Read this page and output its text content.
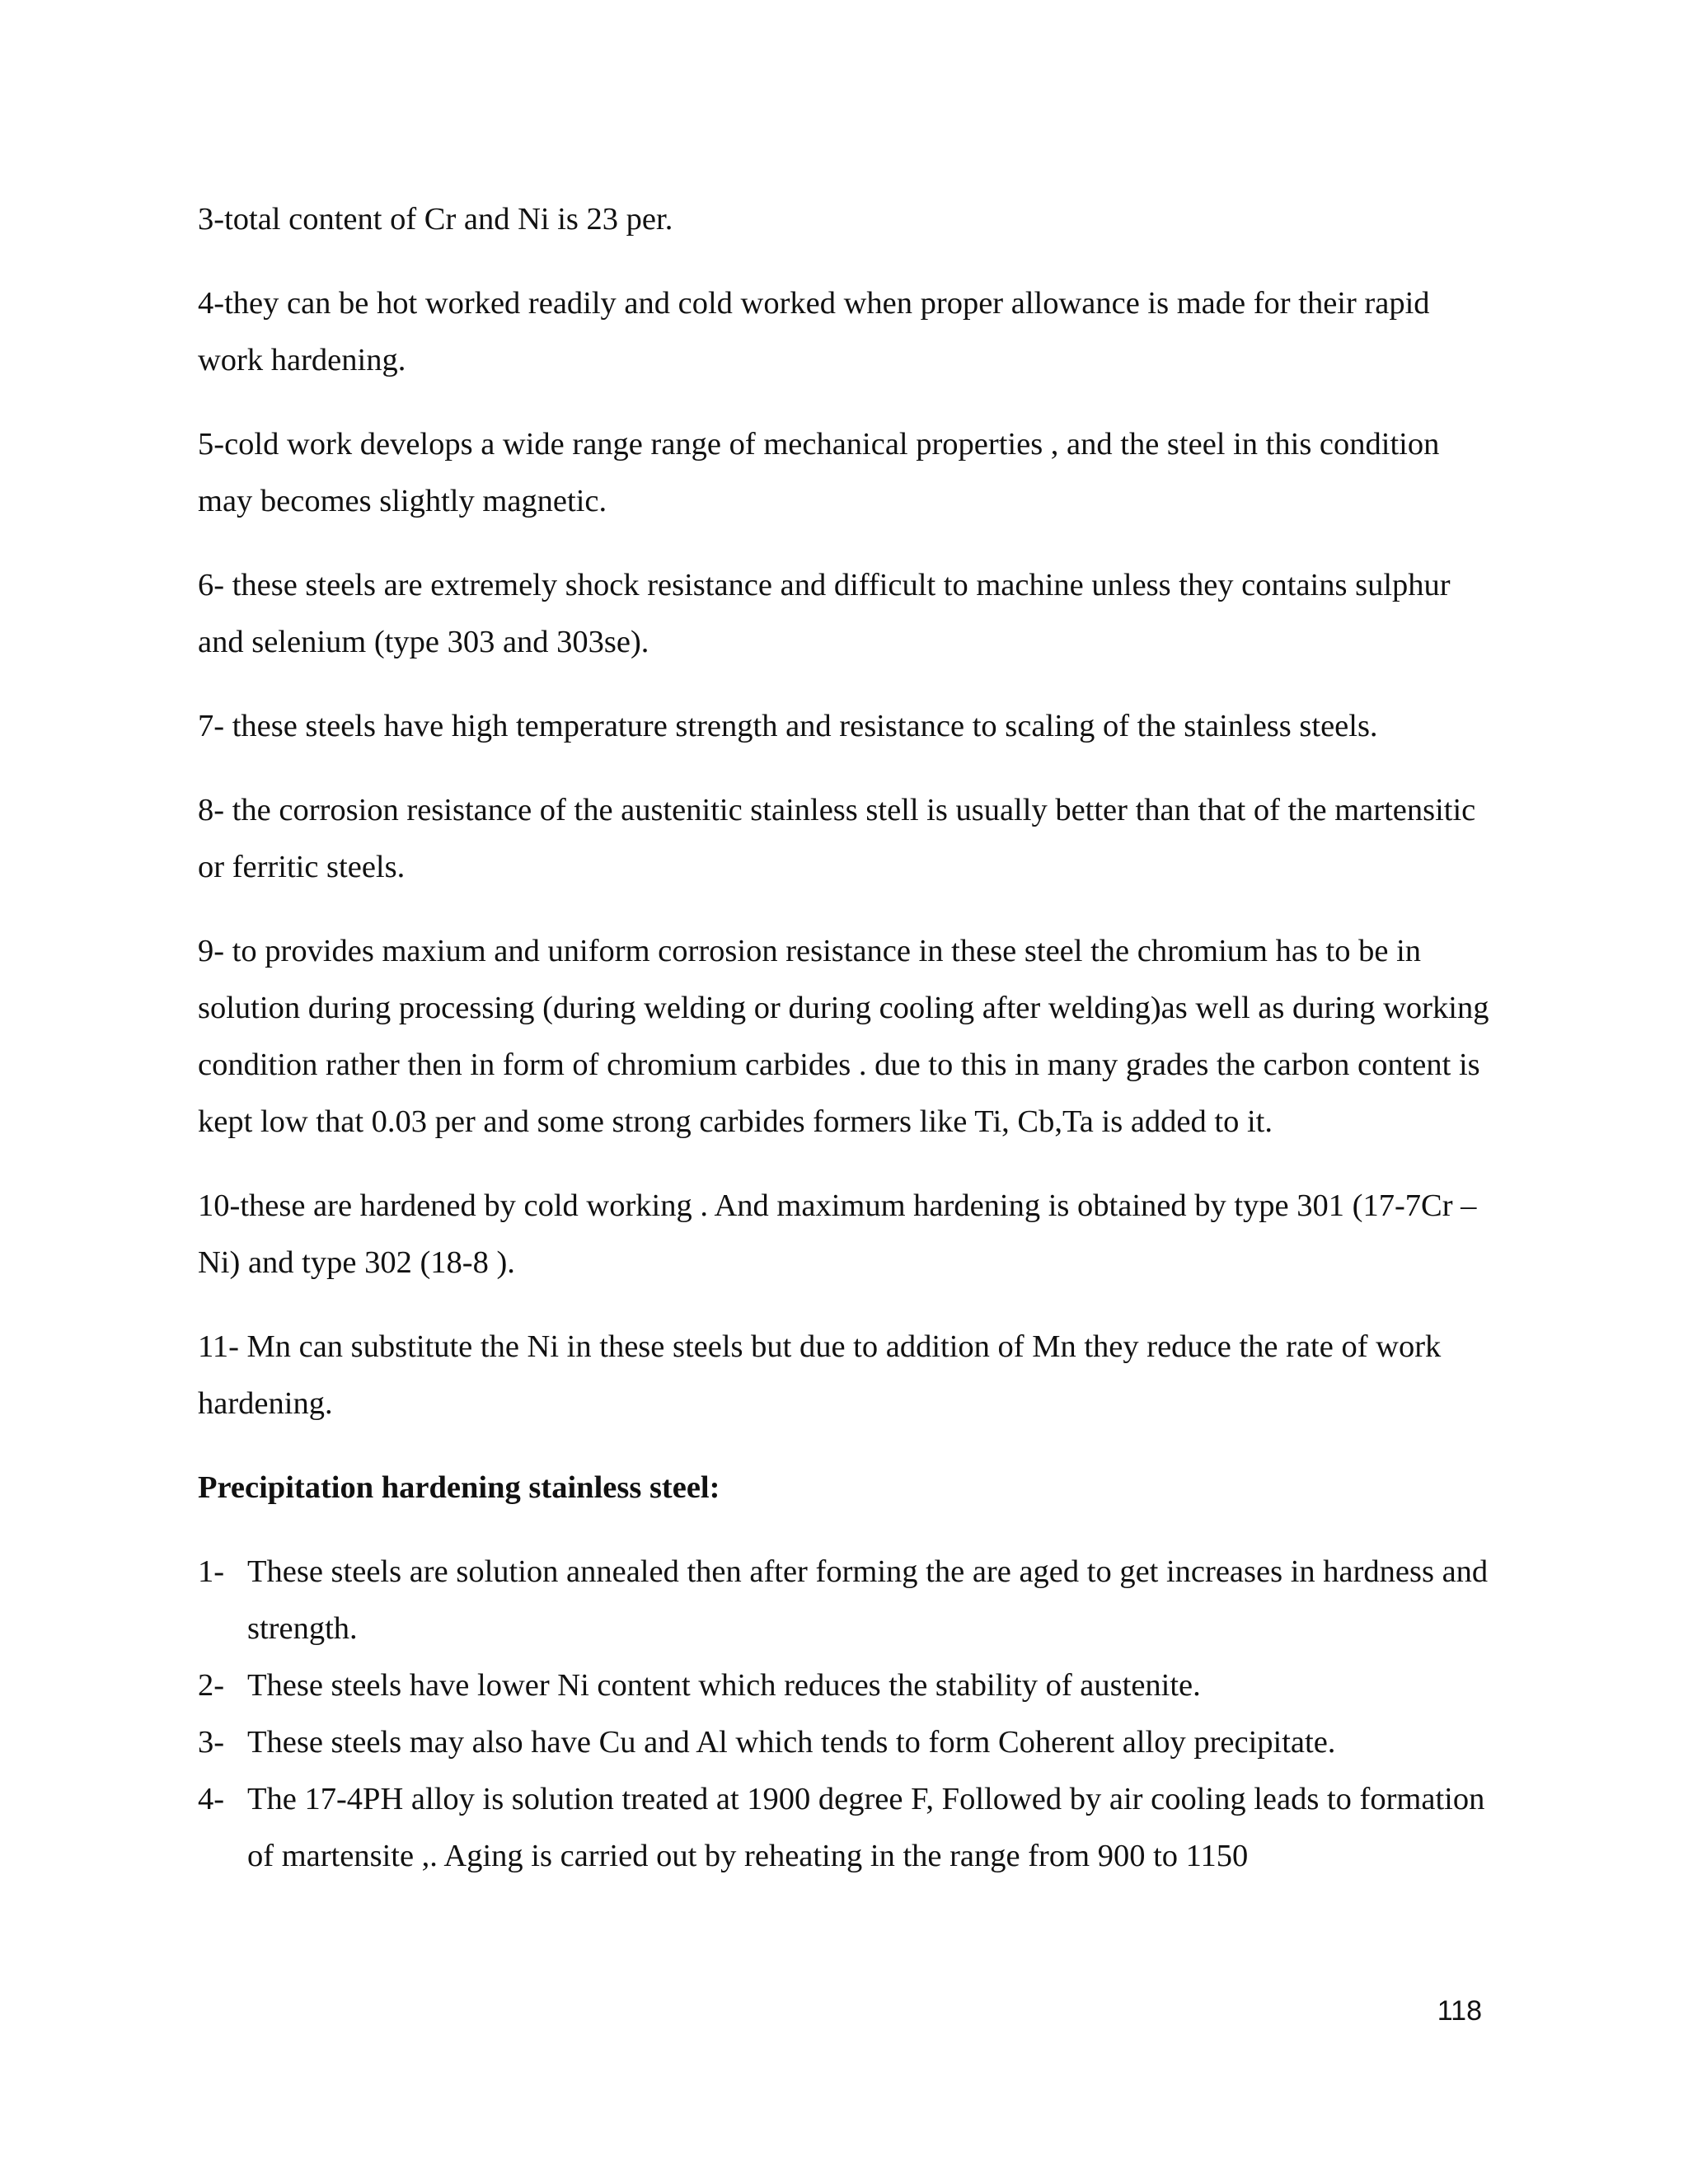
3-total content of Cr and Ni is 23 per.

4-they can be hot worked readily and cold worked when proper allowance is made for their rapid work hardening.

5-cold work develops a wide range range of mechanical properties , and the steel in this condition may becomes slightly magnetic.

6- these steels are extremely shock resistance and difficult to machine unless they contains sulphur and selenium (type 303 and 303se).

7- these steels have high temperature strength and resistance to scaling of the stainless steels.

8- the corrosion resistance of the austenitic stainless stell is usually better than that of the martensitic or ferritic steels.

9- to provides maxium and uniform corrosion resistance in these steel the chromium has to be in solution during processing (during welding or during cooling after welding)as well as during working condition rather then in form of chromium carbides . due to this in many grades the carbon content is kept low that 0.03 per and some strong carbides formers like Ti, Cb,Ta is added to it.

10-these are hardened by cold working . And maximum hardening is obtained by type 301 (17-7Cr –Ni) and type 302 (18-8 ).

11- Mn can substitute the Ni in these steels but due to addition of Mn they reduce the rate of work hardening.

Precipitation hardening stainless steel:
1- These steels are solution annealed then after forming the are aged to get increases in hardness and strength.
2- These steels have lower Ni content which reduces the stability of austenite.
3- These steels may also have Cu and Al which tends to form Coherent alloy precipitate.
4- The 17-4PH alloy is solution treated at 1900 degree F, Followed by air cooling leads to formation of martensite ,. Aging is carried out by reheating in the range from 900 to 1150
118
